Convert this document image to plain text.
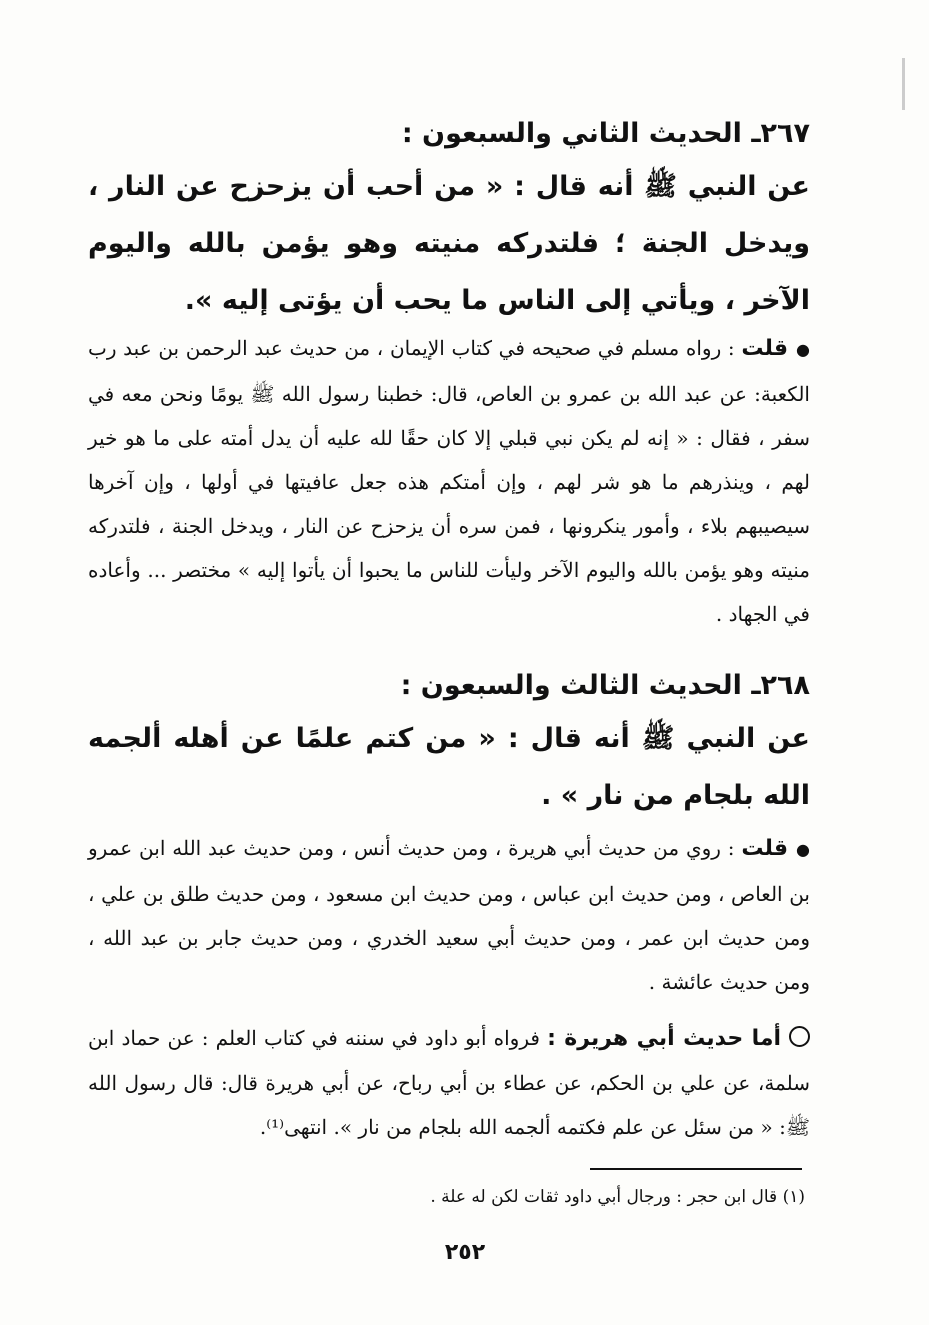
٢٦٧ـ الحديث الثاني والسبعون :

عن النبي ﷺ أنه قال : « من أحب أن يزحزح عن النار ، ويدخل الجنة ؛ فلتدركه منيته وهو يؤمن بالله واليوم الآخر ، ويأتي إلى الناس ما يحب أن يؤتى إليه ».

●قلت : رواه مسلم في صحيحه في كتاب الإيمان ، من حديث عبد الرحمن بن عبد رب الكعبة: عن عبد الله بن عمرو بن العاص، قال: خطبنا رسول الله ﷺ يومًا ونحن معه في سفر ، فقال : « إنه لم يكن نبي قبلي إلا كان حقًا لله عليه أن يدل أمته على ما هو خير لهم ، وينذرهم ما هو شر لهم ، وإن أمتكم هذه جعل عافيتها في أولها ، وإن آخرها سيصيبهم بلاء ، وأمور ينكرونها ، فمن سره أن يزحزح عن النار ، ويدخل الجنة ، فلتدركه منيته وهو يؤمن بالله واليوم الآخر وليأت للناس ما يحبوا أن يأتوا إليه » مختصر ... وأعاده في الجهاد .

٢٦٨ـ الحديث الثالث والسبعون :

عن النبي ﷺ أنه قال : « من كتم علمًا عن أهله ألجمه الله بلجام من نار » .

●قلت : روي من حديث أبي هريرة ، ومن حديث أنس ، ومن حديث عبد الله ابن عمرو بن العاص ، ومن حديث ابن عباس ، ومن حديث ابن مسعود ، ومن حديث طلق بن علي ، ومن حديث ابن عمر ، ومن حديث أبي سعيد الخدري ، ومن حديث جابر بن عبد الله ، ومن حديث عائشة .

أما حديث أبي هريرة : فرواه أبو داود في سننه في كتاب العلم : عن حماد ابن سلمة، عن علي بن الحكم، عن عطاء بن أبي رباح، عن أبي هريرة قال: قال رسول الله ﷺ: « من سئل عن علم فكتمه ألجمه الله بلجام من نار ». انتهى⁽¹⁾.

(١) قال ابن حجر : ورجال أبي داود ثقات لكن له علة .
٢٥٢
